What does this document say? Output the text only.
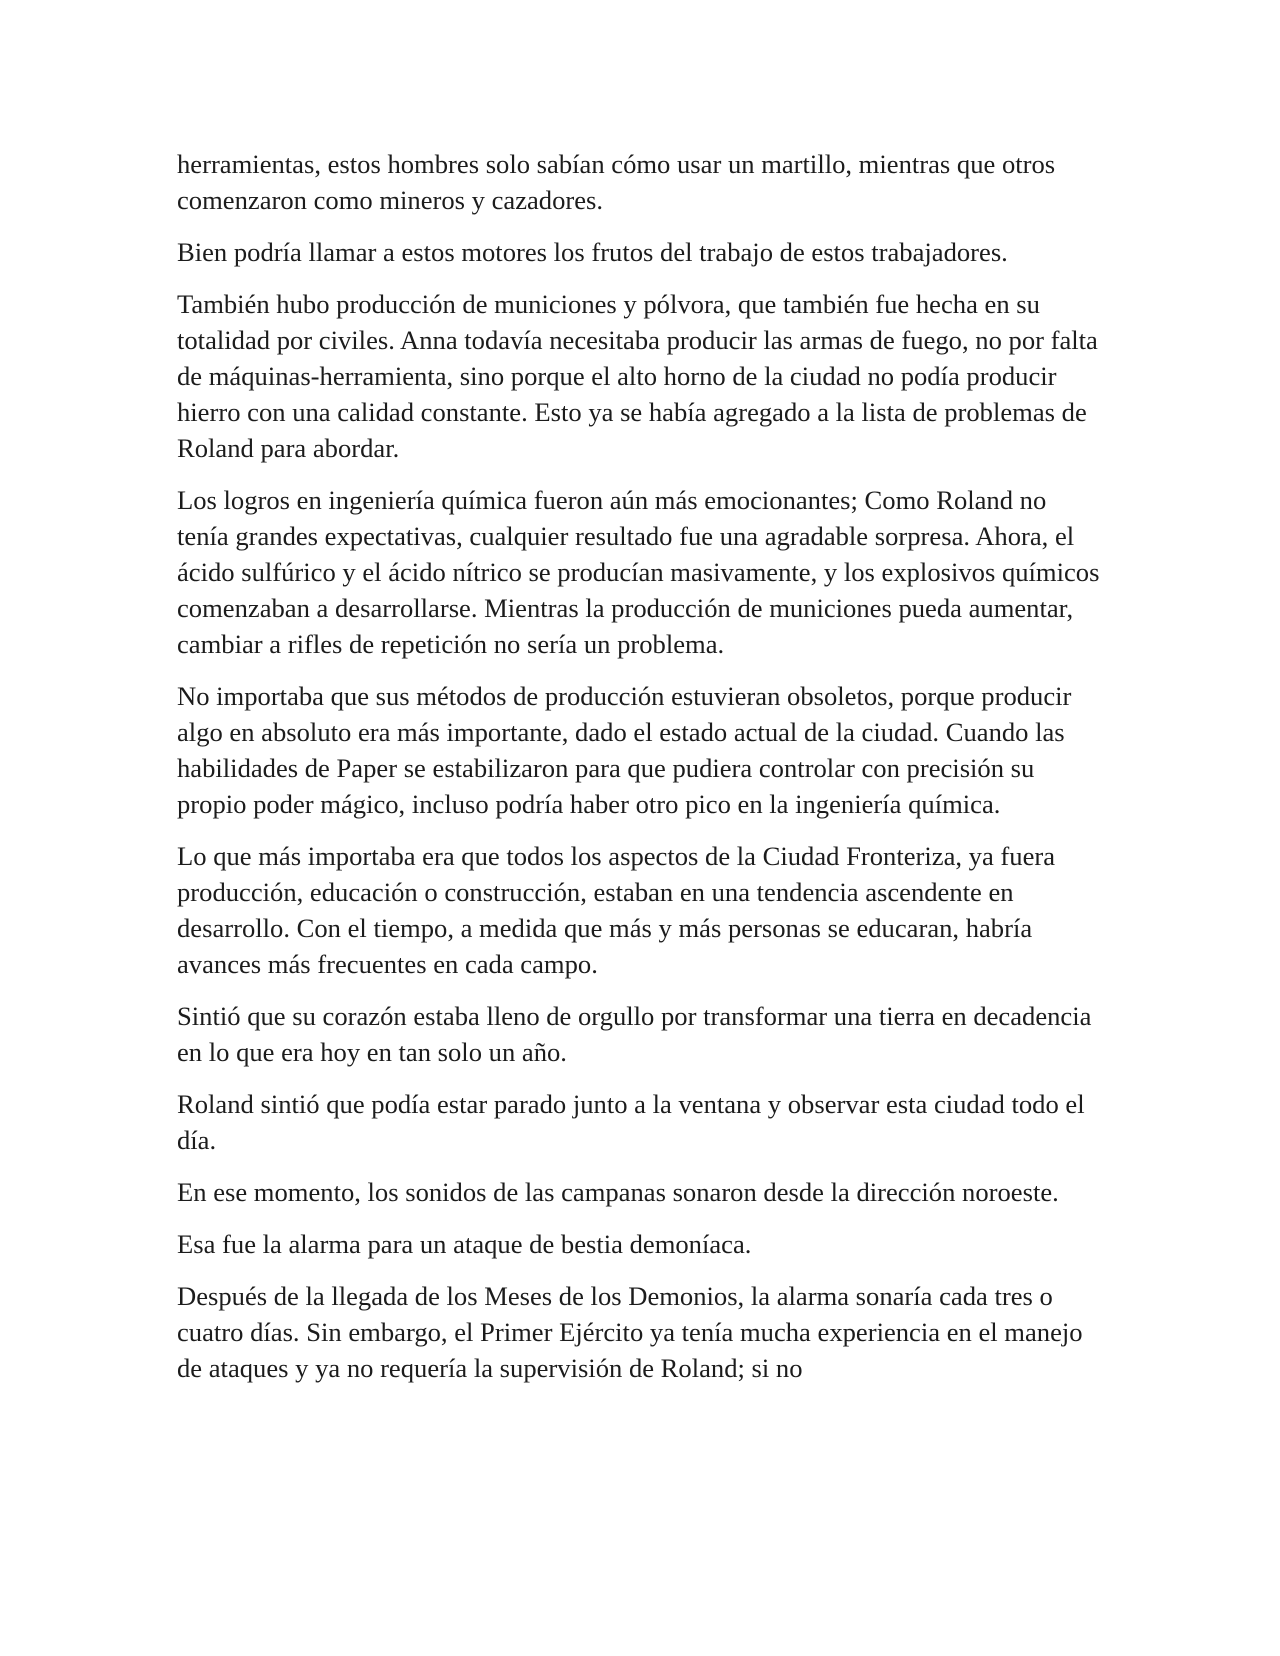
herramientas, estos hombres solo sabían cómo usar un martillo, mientras que otros comenzaron como mineros y cazadores.

Bien podría llamar a estos motores los frutos del trabajo de estos trabajadores.

También hubo producción de municiones y pólvora, que también fue hecha en su totalidad por civiles. Anna todavía necesitaba producir las armas de fuego, no por falta de máquinas-herramienta, sino porque el alto horno de la ciudad no podía producir hierro con una calidad constante. Esto ya se había agregado a la lista de problemas de Roland para abordar.

Los logros en ingeniería química fueron aún más emocionantes; Como Roland no tenía grandes expectativas, cualquier resultado fue una agradable sorpresa. Ahora, el ácido sulfúrico y el ácido nítrico se producían masivamente, y los explosivos químicos comenzaban a desarrollarse. Mientras la producción de municiones pueda aumentar, cambiar a rifles de repetición no sería un problema.

No importaba que sus métodos de producción estuvieran obsoletos, porque producir algo en absoluto era más importante, dado el estado actual de la ciudad. Cuando las habilidades de Paper se estabilizaron para que pudiera controlar con precisión su propio poder mágico, incluso podría haber otro pico en la ingeniería química.

Lo que más importaba era que todos los aspectos de la Ciudad Fronteriza, ya fuera producción, educación o construcción, estaban en una tendencia ascendente en desarrollo. Con el tiempo, a medida que más y más personas se educaran, habría avances más frecuentes en cada campo.

Sintió que su corazón estaba lleno de orgullo por transformar una tierra en decadencia en lo que era hoy en tan solo un año.

Roland sintió que podía estar parado junto a la ventana y observar esta ciudad todo el día.

En ese momento, los sonidos de las campanas sonaron desde la dirección noroeste.

Esa fue la alarma para un ataque de bestia demoníaca.

Después de la llegada de los Meses de los Demonios, la alarma sonaría cada tres o cuatro días. Sin embargo, el Primer Ejército ya tenía mucha experiencia en el manejo de ataques y ya no requería la supervisión de Roland; si no
